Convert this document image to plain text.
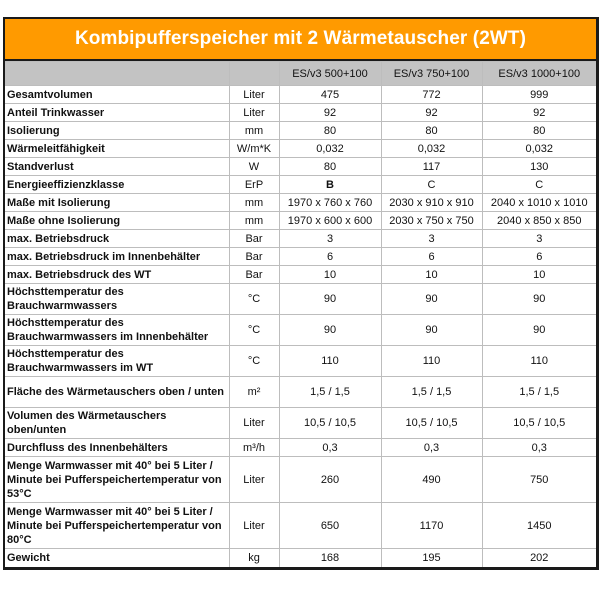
Kombipufferspeicher mit 2 Wärmetauscher (2WT)
		ES/v3 500+100	ES/v3 750+100	ES/v3 1000+100
Gesamtvolumen	Liter	475	772	999
Anteil Trinkwasser	Liter	92	92	92
Isolierung	mm	80	80	80
Wärmeleitfähigkeit	W/m*K	0,032	0,032	0,032
Standverlust	W	80	117	130
Energieeffizienzklasse	ErP	B	C	C
Maße mit Isolierung	mm	1970 x 760 x 760	2030 x 910 x 910	2040 x 1010 x 1010
Maße ohne Isolierung	mm	1970 x 600 x 600	2030 x 750 x 750	2040 x 850 x 850
max. Betriebsdruck	Bar	3	3	3
max. Betriebsdruck im Innenbehälter	Bar	6	6	6
max. Betriebsdruck des WT	Bar	10	10	10
Höchsttemperatur des Brauchwarmwassers	°C	90	90	90
Höchsttemperatur des Brauchwarmwassers im Innenbehälter	°C	90	90	90
Höchsttemperatur des Brauchwarmwassers im WT	°C	110	110	110
Fläche des Wärmetauschers oben / unten	m²	1,5 / 1,5	1,5 / 1,5	1,5 / 1,5
Volumen des Wärmetauschers oben/unten	Liter	10,5 / 10,5	10,5 / 10,5	10,5 / 10,5
Durchfluss des Innenbehälters	m³/h	0,3	0,3	0,3
Menge Warmwasser mit 40° bei 5 Liter / Minute bei Pufferspeichertemperatur von 53°C	Liter	260	490	750
Menge Warmwasser mit 40° bei 5 Liter / Minute bei Pufferspeichertemperatur von 80°C	Liter	650	1170	1450
Gewicht	kg	168	195	202
